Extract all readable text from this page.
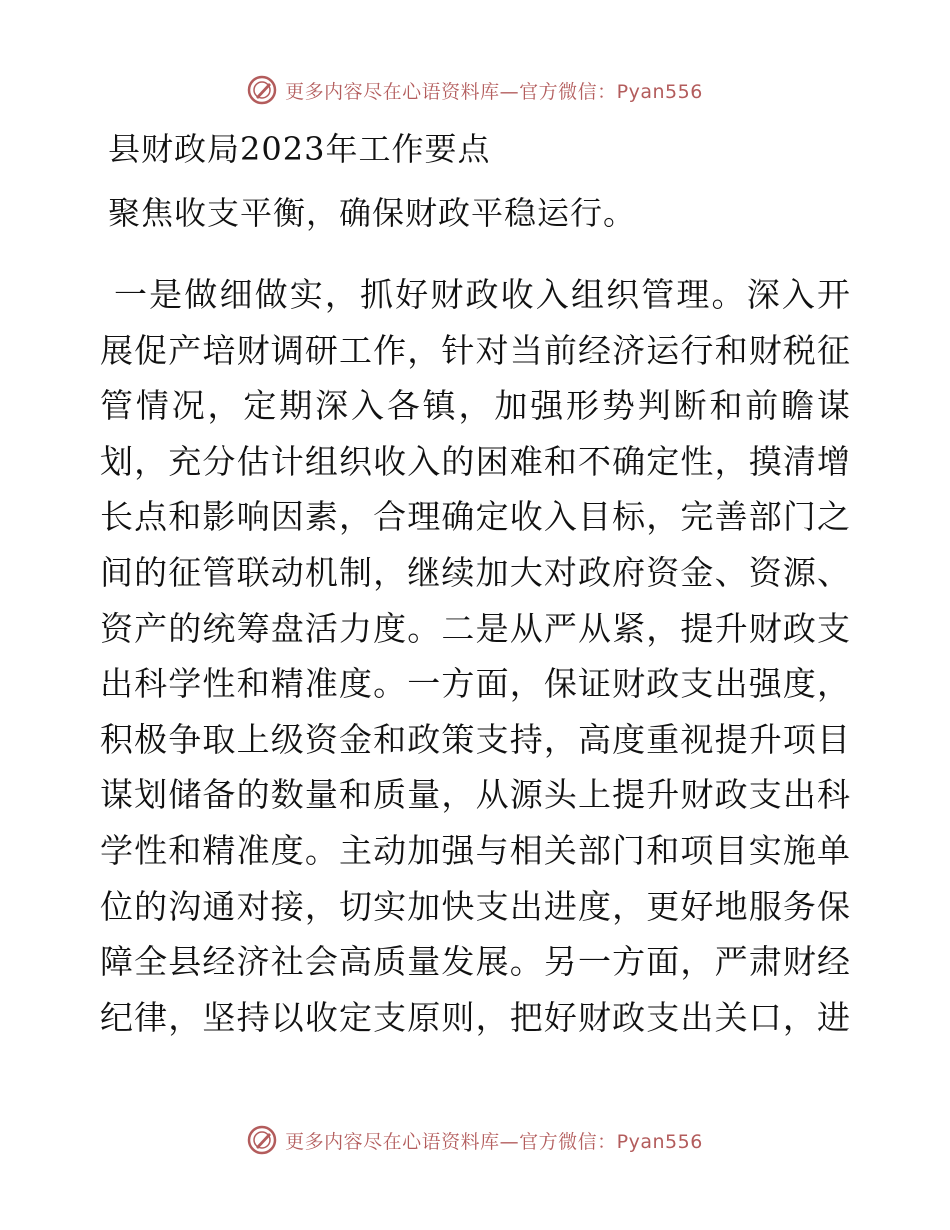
更多内容尽在心语资料库—官方微信：Pyan556
县财政局2023年工作要点
聚焦收支平衡，确保财政平稳运行。
一是做细做实，抓好财政收入组织管理。深入开
展促产培财调研工作，针对当前经济运行和财税征
管情况，定期深入各镇，加强形势判断和前瞻谋
划，充分估计组织收入的困难和不确定性，摸清增
长点和影响因素，合理确定收入目标，完善部门之
间的征管联动机制，继续加大对政府资金、资源、
资产的统筹盘活力度。二是从严从紧，提升财政支
出科学性和精准度。一方面，保证财政支出强度，
积极争取上级资金和政策支持，高度重视提升项目
谋划储备的数量和质量，从源头上提升财政支出科
学性和精准度。主动加强与相关部门和项目实施单
位的沟通对接，切实加快支出进度，更好地服务保
障全县经济社会高质量发展。另一方面，严肃财经
纪律，坚持以收定支原则，把好财政支出关口，进
更多内容尽在心语资料库—官方微信：Pyan556
